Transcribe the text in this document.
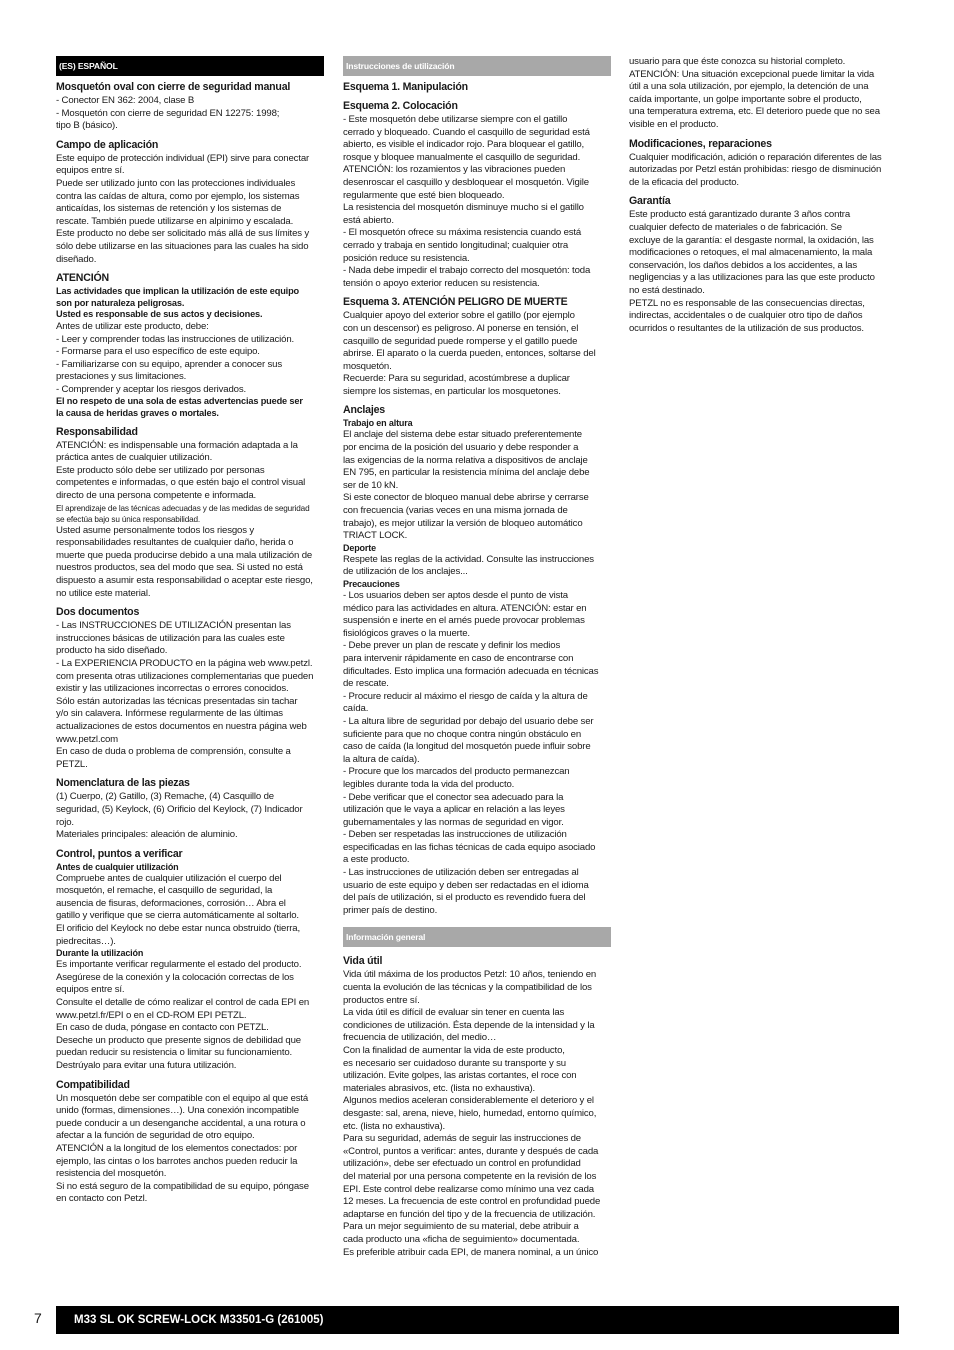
(ES) ESPAÑOL
Mosquetón oval con cierre de seguridad manual

- Conector EN 362: 2004, clase B
- Mosquetón con cierre de seguridad EN 12275: 1998;
tipo B (básico).

Campo de aplicación

Este equipo de protección individual (EPI) sirve para conectar
equipos entre sí.
Puede ser utilizado junto con las protecciones individuales
contra las caídas de altura, como por ejemplo, los sistemas
anticaídas, los sistemas de retención y los sistemas de
rescate. También puede utilizarse en alpinimo y escalada.
Este producto no debe ser solicitado más allá de sus límites y
sólo debe utilizarse en las situaciones para las cuales ha sido
diseñado.

ATENCIÓN

Las actividades que implican la utilización de este equipo
son por naturaleza peligrosas.
Usted es responsable de sus actos y decisiones.

Antes de utilizar este producto, debe:
- Leer y comprender todas las instrucciones de utilización.
- Formarse para el uso específico de este equipo.
- Familiarizarse con su equipo, aprender a conocer sus
prestaciones y sus limitaciones.
- Comprender y aceptar los riesgos derivados.

El no respeto de una sola de estas advertencias puede ser
la causa de heridas graves o mortales.

Responsabilidad

ATENCIÓN: es indispensable una formación adaptada a la
práctica antes de cualquier utilización.
Este producto sólo debe ser utilizado por personas
competentes e informadas, o que estén bajo el control visual
directo de una persona competente e informada.

El aprendizaje de las técnicas adecuadas y de las medidas de seguridad
se efectúa bajo su única responsabilidad.

Usted asume personalmente todos los riesgos y
responsabilidades resultantes de cualquier daño, herida o
muerte que pueda producirse debido a una mala utilización de
nuestros productos, sea del modo que sea. Si usted no está
dispuesto a asumir esta responsabilidad o aceptar este riesgo,
no utilice este material.

Dos documentos

- Las INSTRUCCIONES DE UTILIZACIÓN presentan las
instrucciones básicas de utilización para las cuales este
producto ha sido diseñado.
- La EXPERIENCIA PRODUCTO en la página web www.petzl.
com presenta otras utilizaciones complementarias que pueden
existir y las utilizaciones incorrectas o errores conocidos.
Sólo están autorizadas las técnicas presentadas sin tachar
y/o sin calavera. Infórmese regularmente de las últimas
actualizaciones de estos documentos en nuestra página web
www.petzl.com
En caso de duda o problema de comprensión, consulte a
PETZL.

Nomenclatura de las piezas

(1) Cuerpo, (2) Gatillo, (3) Remache, (4) Casquillo de
seguridad, (5) Keylock, (6) Orificio del Keylock, (7) Indicador
rojo.
Materiales principales: aleación de aluminio.

Control, puntos a verificar
Antes de cualquier utilización

Compruebe antes de cualquier utilización el cuerpo del
mosquetón, el remache, el casquillo de seguridad, la
ausencia de fisuras, deformaciones, corrosión… Abra el
gatillo y verifique que se cierra automáticamente al soltarlo.
El orificio del Keylock no debe estar nunca obstruido (tierra,
piedrecitas…).

Durante la utilización

Es importante verificar regularmente el estado del producto.
Asegúrese de la conexión y la colocación correctas de los
equipos entre sí.
Consulte el detalle de cómo realizar el control de cada EPI en
www.petzl.fr/EPI o en el CD-ROM EPI PETZL.
En caso de duda, póngase en contacto con PETZL.
Deseche un producto que presente signos de debilidad que
puedan reducir su resistencia o limitar su funcionamiento.
Destrúyalo para evitar una futura utilización.

Compatibilidad

Un mosquetón debe ser compatible con el equipo al que está
unido (formas, dimensiones…). Una conexión incompatible
puede conducir a un desenganche accidental, a una rotura o
afectar a la función de seguridad de otro equipo.
ATENCIÓN a la longitud de los elementos conectados: por
ejemplo, las cintas o los barrotes anchos pueden reducir la
resistencia del mosquetón.
Si no está seguro de la compatibilidad de su equipo, póngase
en contacto con Petzl.

Instrucciones de utilización
Esquema 1. Manipulación
Esquema 2. Colocación

- Este mosquetón debe utilizarse siempre con el gatillo
cerrado y bloqueado. Cuando el casquillo de seguridad está
abierto, es visible el indicador rojo. Para bloquear el gatillo,
rosque y bloquee manualmente el casquillo de seguridad.
ATENCIÓN: los rozamientos y las vibraciones pueden
desenroscar el casquillo y desbloquear el mosquetón. Vigile
regularmente que esté bien bloqueado.
La resistencia del mosquetón disminuye mucho si el gatillo
está abierto.
- El mosquetón ofrece su máxima resistencia cuando está
cerrado y trabaja en sentido longitudinal; cualquier otra
posición reduce su resistencia.
- Nada debe impedir el trabajo correcto del mosquetón: toda
tensión o apoyo exterior reducen su resistencia.

Esquema 3. ATENCIÓN PELIGRO DE MUERTE

Cualquier apoyo del exterior sobre el gatillo (por ejemplo
con un descensor) es peligroso. Al ponerse en tensión, el
casquillo de seguridad puede romperse y el gatillo puede
abrirse. El aparato o la cuerda pueden, entonces, soltarse del
mosquetón.
Recuerde: Para su seguridad, acostúmbrese a duplicar
siempre los sistemas, en particular los mosquetones.

Anclajes
Trabajo en altura

El anclaje del sistema debe estar situado preferentemente
por encima de la posición del usuario y debe responder a
las exigencias de la norma relativa a dispositivos de anclaje
EN 795, en particular la resistencia mínima del anclaje debe
ser de 10 kN.
Si este conector de bloqueo manual debe abrirse y cerrarse
con frecuencia (varias veces en una misma jornada de
trabajo), es mejor utilizar la versión de bloqueo automático
TRIACT LOCK.

Deporte

Respete las reglas de la actividad. Consulte las instrucciones
de utilización de los anclajes...

Precauciones

- Los usuarios deben ser aptos desde el punto de vista
médico para las actividades en altura. ATENCIÓN: estar en
suspensión e inerte en el arnés puede provocar problemas
fisiológicos graves o la muerte.
- Debe prever un plan de rescate y definir los medios
para intervenir rápidamente en caso de encontrarse con
dificultades. Esto implica una formación adecuada en técnicas
de rescate.
- Procure reducir al máximo el riesgo de caída y la altura de
caída.
- La altura libre de seguridad por debajo del usuario debe ser
suficiente para que no choque contra ningún obstáculo en
caso de caída (la longitud del mosquetón puede influir sobre
la altura de caída).
- Procure que los marcados del producto permanezcan
legibles durante toda la vida del producto.
- Debe verificar que el conector sea adecuado para la
utilización que le vaya a aplicar en relación a las leyes
gubernamentales y las normas de seguridad en vigor.
- Deben ser respetadas las instrucciones de utilización
especificadas en las fichas técnicas de cada equipo asociado
a este producto.
- Las instrucciones de utilización deben ser entregadas al
usuario de este equipo y deben ser redactadas en el idioma
del país de utilización, si el producto es revendido fuera del
primer país de destino.

Información general
Vida útil

Vida útil máxima de los productos Petzl: 10 años, teniendo en
cuenta la evolución de las técnicas y la compatibilidad de los
productos entre sí.
La vida útil es difícil de evaluar sin tener en cuenta las
condiciones de utilización. Ésta depende de la intensidad y la
frecuencia de utilización, del medio…
Con la finalidad de aumentar la vida de este producto,
es necesario ser cuidadoso durante su transporte y su
utilización. Evite golpes, las aristas cortantes, el roce con
materiales abrasivos, etc. (lista no exhaustiva).
Algunos medios aceleran considerablemente el deterioro y el
desgaste: sal, arena, nieve, hielo, humedad, entorno químico,
etc. (lista no exhaustiva).
Para su seguridad, además de seguir las instrucciones de
«Control, puntos a verificar: antes, durante y después de cada
utilización», debe ser efectuado un control en profundidad
del material por una persona competente en la revisión de los
EPI. Este control debe realizarse como mínimo una vez cada
12 meses. La frecuencia de este control en profundidad puede
adaptarse en función del tipo y de la frecuencia de utilización.
Para un mejor seguimiento de su material, debe atribuir a
cada producto una «ficha de seguimiento» documentada.
Es preferible atribuir cada EPI, de manera nominal, a un único

usuario para que éste conozca su historial completo.
ATENCIÓN: Una situación excepcional puede limitar la vida
útil a una sola utilización, por ejemplo, la detención de una
caída importante, un golpe importante sobre el producto,
una temperatura extrema, etc. El deterioro puede que no sea
visible en el producto.

Modificaciones, reparaciones

Cualquier modificación, adición o reparación diferentes de las
autorizadas por Petzl están prohibidas: riesgo de disminución
de la eficacia del producto.

Garantía

Este producto está garantizado durante 3 años contra
cualquier defecto de materiales o de fabricación. Se
excluye de la garantía: el desgaste normal, la oxidación, las
modificaciones o retoques, el mal almacenamiento, la mala
conservación, los daños debidos a los accidentes, a las
negligencias y a las utilizaciones para las que este producto
no está destinado.
PETZL no es responsable de las consecuencias directas,
indirectas, accidentales o de cualquier otro tipo de daños
ocurridos o resultantes de la utilización de sus productos.

7	M33 SL OK SCREW-LOCK M33501-G (261005)
